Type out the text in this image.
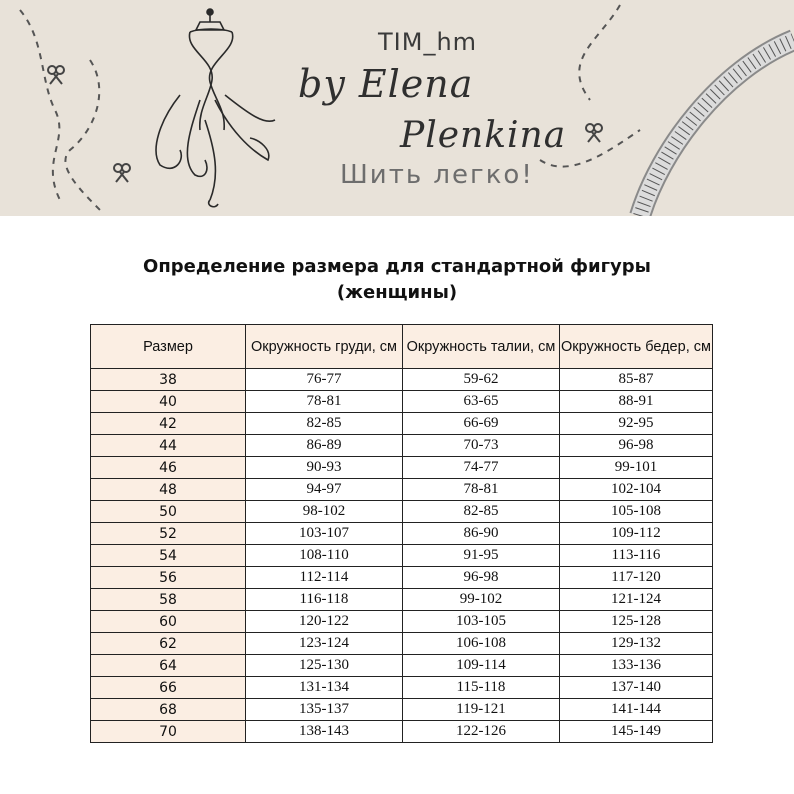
TIM_hm
by Elena
Plenkina
Шить легко!
Определение размера для стандартной фигуры
(женщины)
Размер	Окружность груди, см	Окружность талии, см	Окружность бедер, см
38	76-77	59-62	85-87
40	78-81	63-65	88-91
42	82-85	66-69	92-95
44	86-89	70-73	96-98
46	90-93	74-77	99-101
48	94-97	78-81	102-104
50	98-102	82-85	105-108
52	103-107	86-90	109-112
54	108-110	91-95	113-116
56	112-114	96-98	117-120
58	116-118	99-102	121-124
60	120-122	103-105	125-128
62	123-124	106-108	129-132
64	125-130	109-114	133-136
66	131-134	115-118	137-140
68	135-137	119-121	141-144
70	138-143	122-126	145-149
